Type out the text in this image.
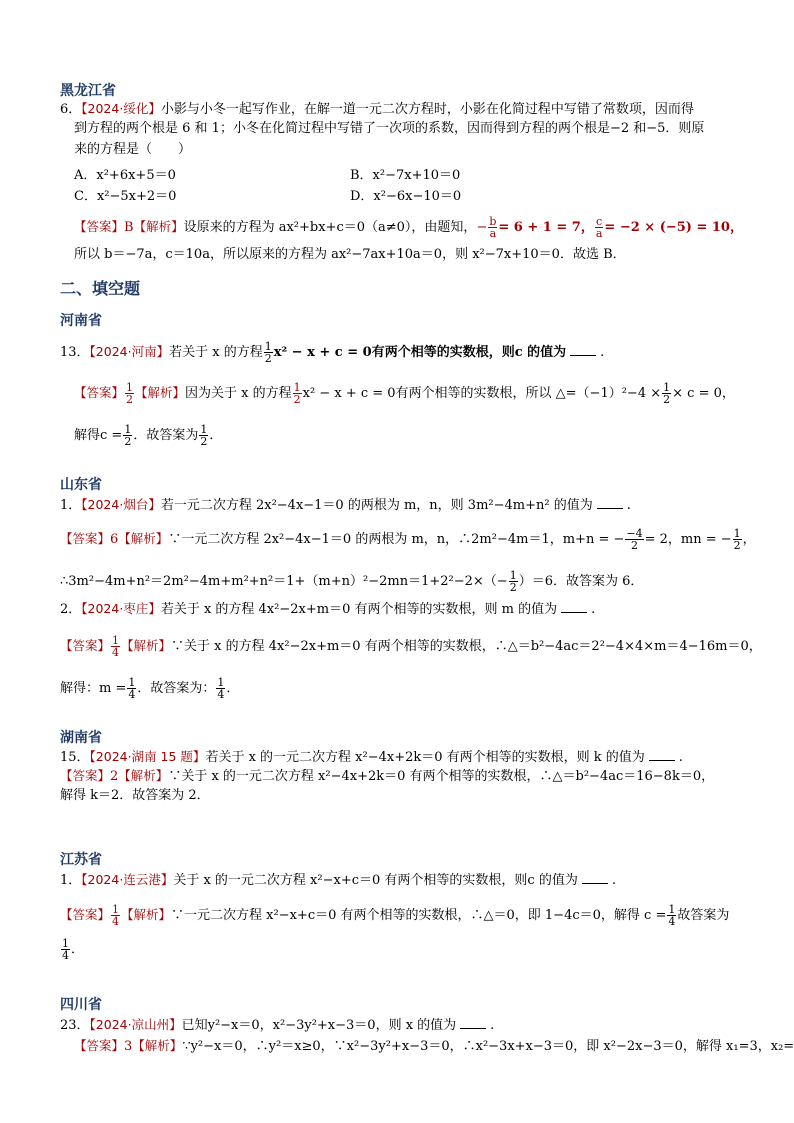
黑龙江省
6．【2024·绥化】小影与小冬一起写作业，在解一道一元二次方程时，小影在化简过程中写错了常数项，因而得
到方程的两个根是 6 和 1；小冬在化简过程中写错了一次项的系数，因而得到方程的两个根是−2 和−5．则原
来的方程是（　　）
A．x²+6x+5＝0	B．x²−7x+10＝0
C．x²−5x+2＝0	D．x²−6x−10＝0
【答案】B【解析】设原来的方程为 ax²+bx+c＝0（a≠0），由题知，− $\frac{b}{a} = 6 + 1 = 7$， $\frac{c}{a} = -2 \times (-5) = 10$，
所以 b＝−7a，c＝10a，所以原来的方程为 ax²−7ax+10a＝0，则 x²−7x+10＝0．故选 B．
二、填空题
河南省
13．【2024·河南】若关于 x 的方程 $\frac{1}{2} x^2 - x + c = 0$有两个相等的实数根，则c 的值为	.
【答案】 $\frac{1}{2}$ 【解析】因为关于 x 的方程 $\frac{1}{2} x^2 - x + c = 0$有两个相等的实数根，所以 △=（−1）²−4 × $\frac{1}{2} \times c = 0$，
解得$c = \frac{1}{2}$ ．故答案为 $\frac{1}{2}$ ．
山东省
1．【2024·烟台】若一元二次方程 2x²−4x−1＝0 的两根为 m，n，则 3m²−4m+n² 的值为	.
【答案】6【解析】∵一元二次方程 2x²−4x−1＝0 的两根为 m，n，∴2m²−4m＝1，m+n = − $\frac{-4}{2} = 2$，mn = − $\frac{1}{2}$ ，
∴3m²−4m+n²＝2m²−4m+m²+n²＝1+（m+n）²−2mn＝1+2²−2×（− $\frac{1}{2} )=6$．故答案为 6．
2．【2024·枣庄】若关于 x 的方程 4x²−2x+m＝0 有两个相等的实数根，则 m 的值为	.
【答案】 $\frac{1}{4}$ 【解析】∵关于 x 的方程 4x²−2x+m＝0 有两个相等的实数根，∴△＝b²−4ac＝2²−4×4×m＝4−16m＝0，
解得：$m = \frac{1}{4}$ ．故答案为： $\frac{1}{4}$ ．
湖南省
15．【2024·湖南 15 题】若关于 x 的一元二次方程 x²−4x+2k＝0 有两个相等的实数根，则 k 的值为	.
【答案】2【解析】∵关于 x 的一元二次方程 x²−4x+2k＝0 有两个相等的实数根，∴△＝b²−4ac＝16−8k＝0，
解得 k＝2．故答案为 2．
江苏省
1．【2024·连云港】关于 x 的一元二次方程 x²−x+c＝0 有两个相等的实数根，则c 的值为	.
【答案】 $\frac{1}{4}$ 【解析】∵一元二次方程 x²−x+c＝0 有两个相等的实数根，∴△＝0，即 1−4c＝0，解得 $c = \frac{1}{4}$ 故答案为
$\frac{1}{4}$ ．
四川省
23．【2024·凉山州】已知y²−x＝0，x²−3y²+x−3＝0，则 x 的值为	.
【答案】3【解析】∵y²−x＝0，∴y²＝x≥0，∵x²−3y²+x−3＝0，∴x²−3x+x−3＝0，即 x²−2x−3＝0，解得 x₁=3，x₂=
